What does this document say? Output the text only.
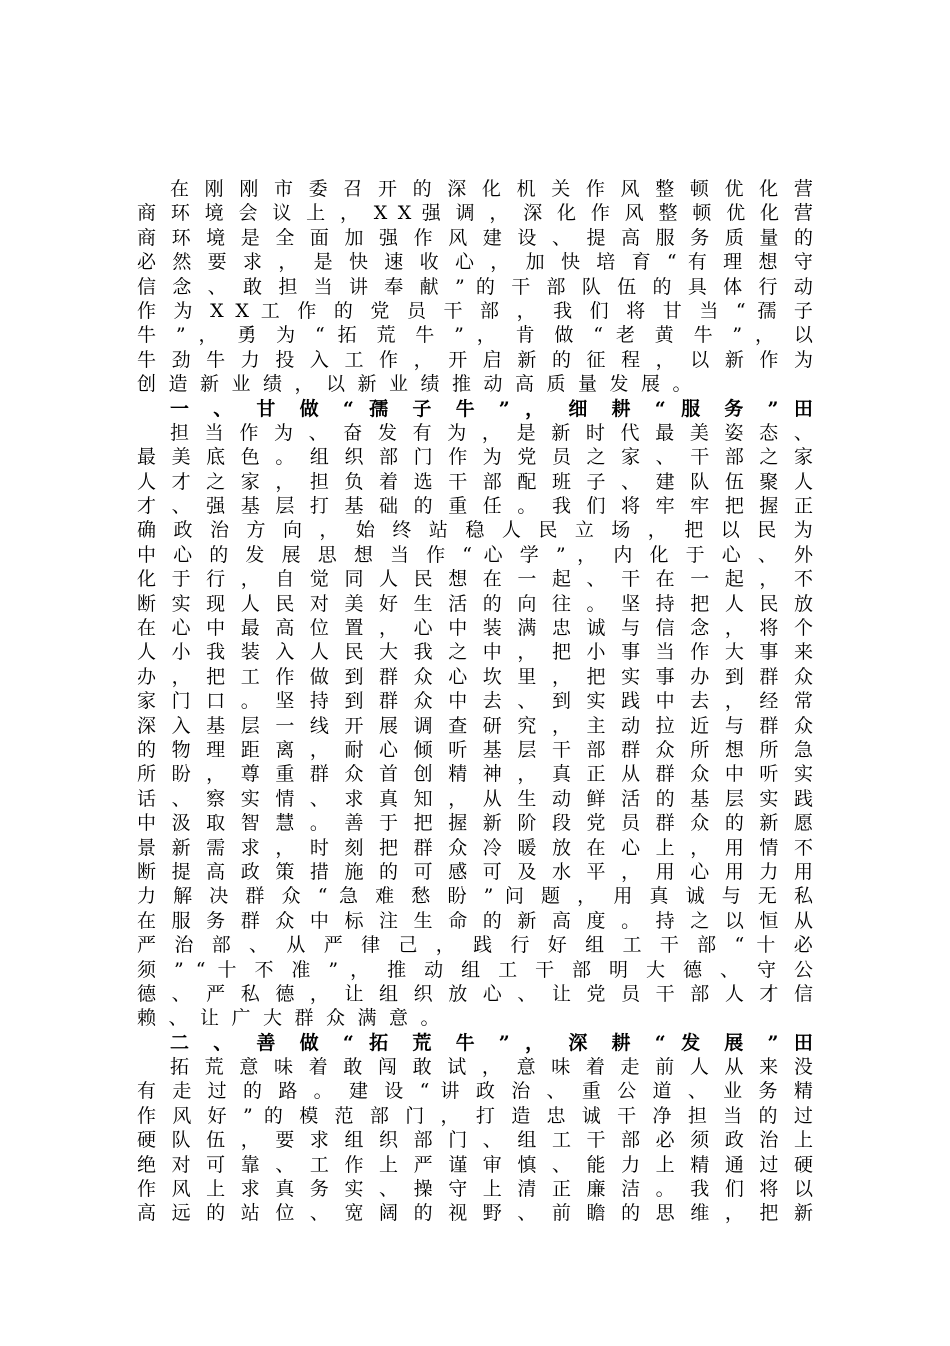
在 刚 刚 市 委 召 开 的 深 化 机 关 作 风 整 顿 优 化 营
商 环 境 会 议 上 ， X X 强 调 ， 深 化 作 风 整 顿 优 化 营
商 环 境 是 全 面 加 强 作 风 建 设 、 提 高 服 务 质 量 的
必 然 要 求 ， 是 快 速 收 心 ， 加 快 培 育 “ 有 理 想 守
信 念 、 敢 担 当 讲 奉 献 ” 的 干 部 队 伍 的 具 体 行 动
作 为 X X 工 作 的 党 员 干 部 ， 我 们 将 甘 当 “ 孺 子
牛 ” ， 勇 为 “ 拓 荒 牛 ” ， 肯 做 “ 老 黄 牛 ” ， 以
牛 劲 牛 力 投 入 工 作 ， 开 启 新 的 征 程 ， 以 新 作 为
创造新业绩，以新业绩推动高质量发展。
一 、 甘 做 “ 孺 子 牛 ” ， 细 耕 “ 服 务 ” 田
担 当 作 为 、 奋 发 有 为 ， 是 新 时 代 最 美 姿 态 、
最 美 底 色 。 组 织 部 门 作 为 党 员 之 家 、 干 部 之 家
人 才 之 家 ， 担 负 着 选 干 部 配 班 子 、 建 队 伍 聚 人
才 、 强 基 层 打 基 础 的 重 任 。 我 们 将 牢 牢 把 握 正
确 政 治 方 向 ， 始 终 站 稳 人 民 立 场 ， 把 以 民 为
中 心 的 发 展 思 想 当 作 “ 心 学 ” ， 内 化 于 心 、 外
化 于 行 ， 自 觉 同 人 民 想 在 一 起 、 干 在 一 起 ， 不
断 实 现 人 民 对 美 好 生 活 的 向 往 。 坚 持 把 人 民 放
在 心 中 最 高 位 置 ， 心 中 装 满 忠 诚 与 信 念 ， 将 个
人 小 我 装 入 人 民 大 我 之 中 ， 把 小 事 当 作 大 事 来
办 ， 把 工 作 做 到 群 众 心 坎 里 ， 把 实 事 办 到 群 众
家 门 口 。 坚 持 到 群 众 中 去 、 到 实 践 中 去 ， 经 常
深 入 基 层 一 线 开 展 调 查 研 究 ， 主 动 拉 近 与 群 众
的 物 理 距 离 ， 耐 心 倾 听 基 层 干 部 群 众 所 想 所 急
所 盼 ， 尊 重 群 众 首 创 精 神 ， 真 正 从 群 众 中 听 实
话 、 察 实 情 、 求 真 知 ， 从 生 动 鲜 活 的 基 层 实 践
中 汲 取 智 慧 。 善 于 把 握 新 阶 段 党 员 群 众 的 新 愿
景 新 需 求 ， 时 刻 把 群 众 冷 暖 放 在 心 上 ， 用 情 不
断 提 高 政 策 措 施 的 可 感 可 及 水 平 ， 用 心 用 力 用
力 解 决 群 众 “ 急 难 愁 盼 ” 问 题 ， 用 真 诚 与 无 私
在 服 务 群 众 中 标 注 生 命 的 新 高 度 。 持 之 以 恒 从
严 治 部 、 从 严 律 己 ， 践 行 好 组 工 干 部 “ 十 必
须 ” “ 十 不 准 ” ， 推 动 组 工 干 部 明 大 德 、 守 公
德 、 严 私 德 ， 让 组 织 放 心 、 让 党 员 干 部 人 才 信
赖、让广大群众满意。
二 、 善 做 “ 拓 荒 牛 ” ， 深 耕 “ 发 展 ” 田
拓 荒 意 味 着 敢 闯 敢 试 ， 意 味 着 走 前 人 从 来 没
有 走 过 的 路 。 建 设 “ 讲 政 治 、 重 公 道 、 业 务 精
作 风 好 ” 的 模 范 部 门 ， 打 造 忠 诚 干 净 担 当 的 过
硬 队 伍 ， 要 求 组 织 部 门 、 组 工 干 部 必 须 政 治 上
绝 对 可 靠 、 工 作 上 严 谨 审 慎 、 能 力 上 精 通 过 硬
作 风 上 求 真 务 实 、 操 守 上 清 正 廉 洁 。 我 们 将 以
高 远 的 站 位 、 宽 阔 的 视 野 、 前 瞻 的 思 维 ， 把 新
